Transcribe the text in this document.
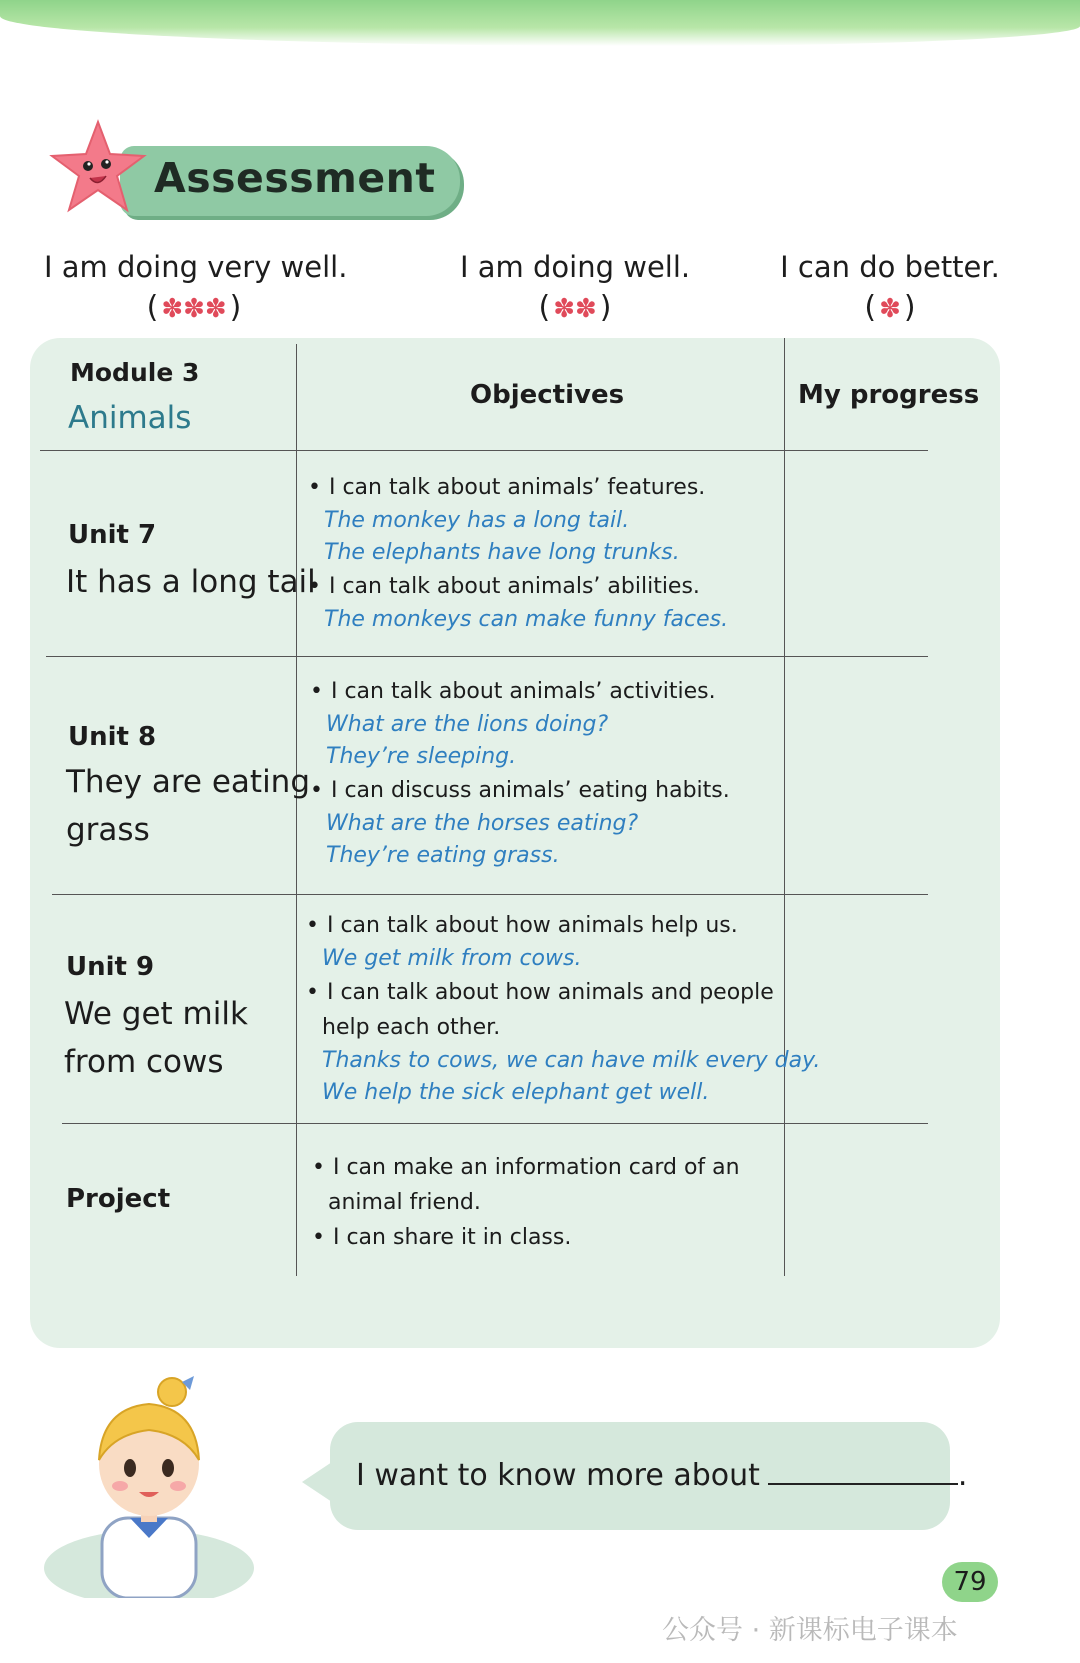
Assessment
I am doing very well.
( ✽✽✽ )
I am doing well.
( ✽✽ )
I can do better.
( ✽ )
Module 3
Animals
Objectives	My progress
Unit 7
It has a long tail
• I can talk about animals’ features.
The monkey has a long tail.
The elephants have long trunks.
• I can talk about animals’ abilities.
The monkeys can make funny faces.
Unit 8
They are eating
grass
• I can talk about animals’ activities.
What are the lions doing?
They’re sleeping.
• I can discuss animals’ eating habits.
What are the horses eating?
They’re eating grass.
Unit 9
We get milk
from cows
• I can talk about how animals help us.
We get milk from cows.
• I can talk about how animals and people
help each other.
Thanks to cows, we can have milk every day.
We help the sick elephant get well.
Project
• I can make an information card of an
animal friend.
• I can share it in class.
I want to know more about	.
79
公众号 · 新课标电子课本
